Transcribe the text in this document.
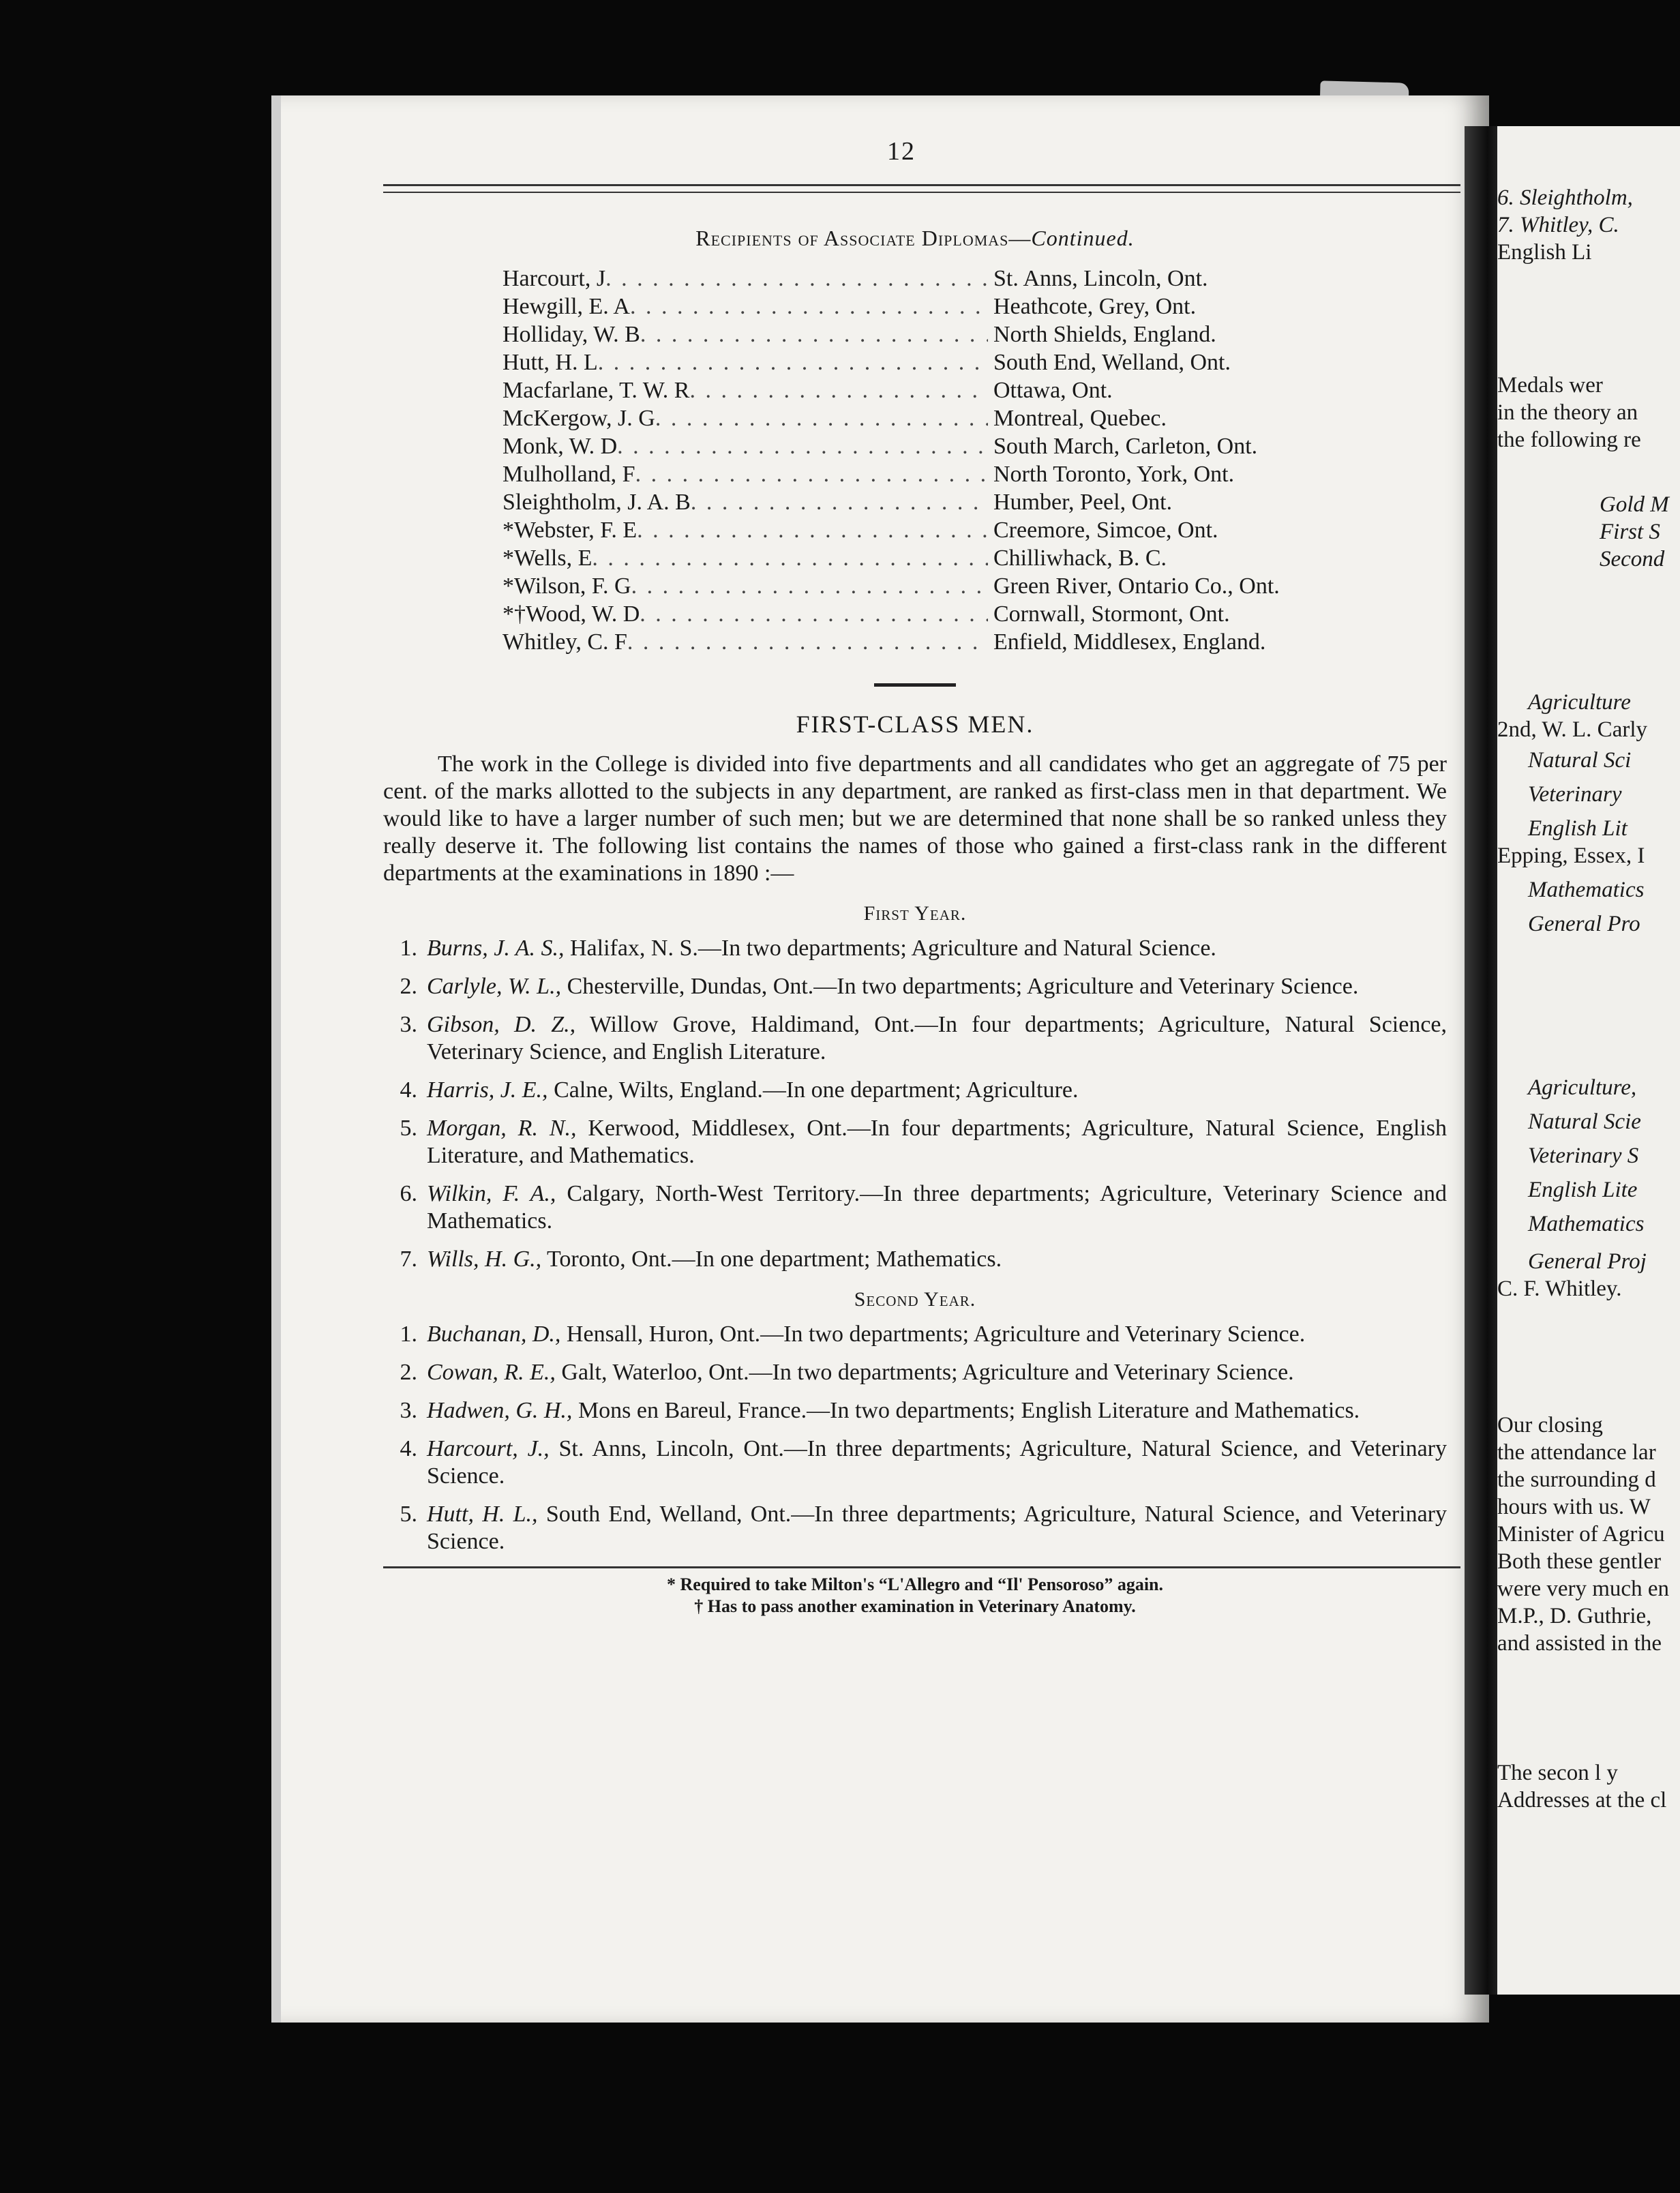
12
Recipients of Associate Diplomas—Continued.
Harcourt, J . . .	St. Anns, Lincoln, Ont.
Hewgill, E. A . . .	Heathcote, Grey, Ont.
Holliday, W. B . . .	North Shields, England.
Hutt, H. L . . .	South End, Welland, Ont.
Macfarlane, T. W. R . . .	Ottawa, Ont.
McKergow, J. G . . .	Montreal, Quebec.
Monk, W. D . . .	South March, Carleton, Ont.
Mulholland, F . . .	North Toronto, York, Ont.
Sleightholm, J. A. B . . .	Humber, Peel, Ont.
*Webster, F. E . . .	Creemore, Simcoe, Ont.
*Wells, E . . .	Chilliwhack, B. C.
*Wilson, F. G . . .	Green River, Ontario Co., Ont.
*†Wood, W. D . . .	Cornwall, Stormont, Ont.
Whitley, C. F . . .	Enfield, Middlesex, England.
FIRST-CLASS MEN.
The work in the College is divided into five departments and all candidates who get an aggregate of 75 per cent. of the marks allotted to the subjects in any department, are ranked as first-class men in that department. We would like to have a larger number of such men; but we are determined that none shall be so ranked unless they really deserve it. The following list contains the names of those who gained a first-class rank in the different departments at the examinations in 1890 :—
First Year.
1. Burns, J. A. S., Halifax, N. S.—In two departments; Agriculture and Natural Science.
2. Carlyle, W. L., Chesterville, Dundas, Ont.—In two departments; Agriculture and Veterinary Science.
3. Gibson, D. Z., Willow Grove, Haldimand, Ont.—In four departments; Agriculture, Natural Science, Veterinary Science, and English Literature.
4. Harris, J. E., Calne, Wilts, England.—In one department; Agriculture.
5. Morgan, R. N., Kerwood, Middlesex, Ont.—In four departments; Agriculture, Natural Science, English Literature, and Mathematics.
6. Wilkin, F. A., Calgary, North-West Territory.—In three departments; Agriculture, Veterinary Science and Mathematics.
7. Wills, H. G., Toronto, Ont.—In one department; Mathematics.
Second Year.
1. Buchanan, D., Hensall, Huron, Ont.—In two departments; Agriculture and Veterinary Science.
2. Cowan, R. E., Galt, Waterloo, Ont.—In two departments; Agriculture and Veterinary Science.
3. Hadwen, G. H., Mons en Bareul, France.—In two departments; English Literature and Mathematics.
4. Harcourt, J., St. Anns, Lincoln, Ont.—In three departments; Agriculture, Natural Science, and Veterinary Science.
5. Hutt, H. L., South End, Welland, Ont.—In three departments; Agriculture, Natural Science, and Veterinary Science.
* Required to take Milton's “L'Allegro and “Il' Pensoroso” again.
† Has to pass another examination in Veterinary Anatomy.
6. Sleightholm,
7. Whitley, C.
English Li
Medals wer
in the theory an
the following re
Gold M
First S
Second
Agriculture
2nd, W. L. Carly
Natural Sci
Veterinary
English Lit
Epping, Essex, I
Mathematics
General Pro
Agriculture,
Natural Scie
Veterinary S
English Lite
Mathematics
General Proj
C. F. Whitley.
Our closing
the attendance lar
the surrounding d
hours with us. W
Minister of Agricu
Both these gentler
were very much en
M.P., D. Guthrie,
and assisted in the
The secon l y
Addresses at the cl
